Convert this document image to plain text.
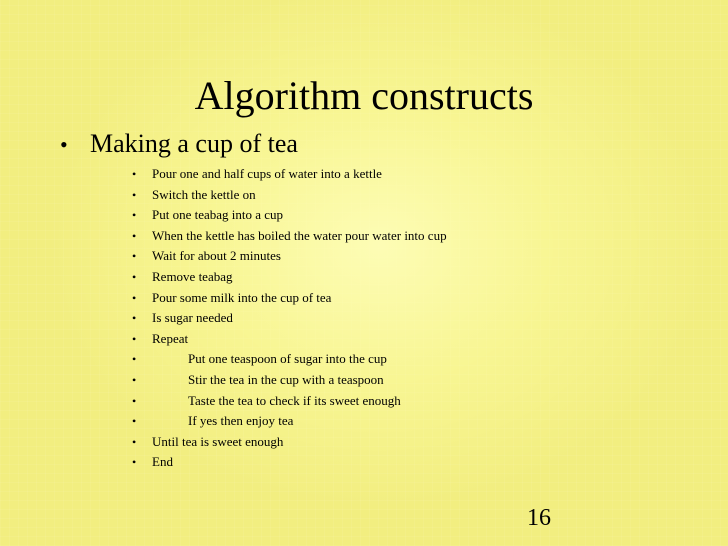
Algorithm constructs
• Making a cup of tea
• Pour one and half cups of water into a kettle
• Switch the kettle on
• Put one teabag into a cup
• When the kettle has boiled the water pour water into cup
• Wait for about 2 minutes
• Remove teabag
• Pour some milk into the cup of tea
• Is sugar needed
• Repeat
•	Put one teaspoon of sugar into the cup
•	Stir the tea in the cup with a teaspoon
•	Taste the tea to check if its sweet enough
•	If yes then enjoy tea
• Until tea is sweet enough
• End
16
